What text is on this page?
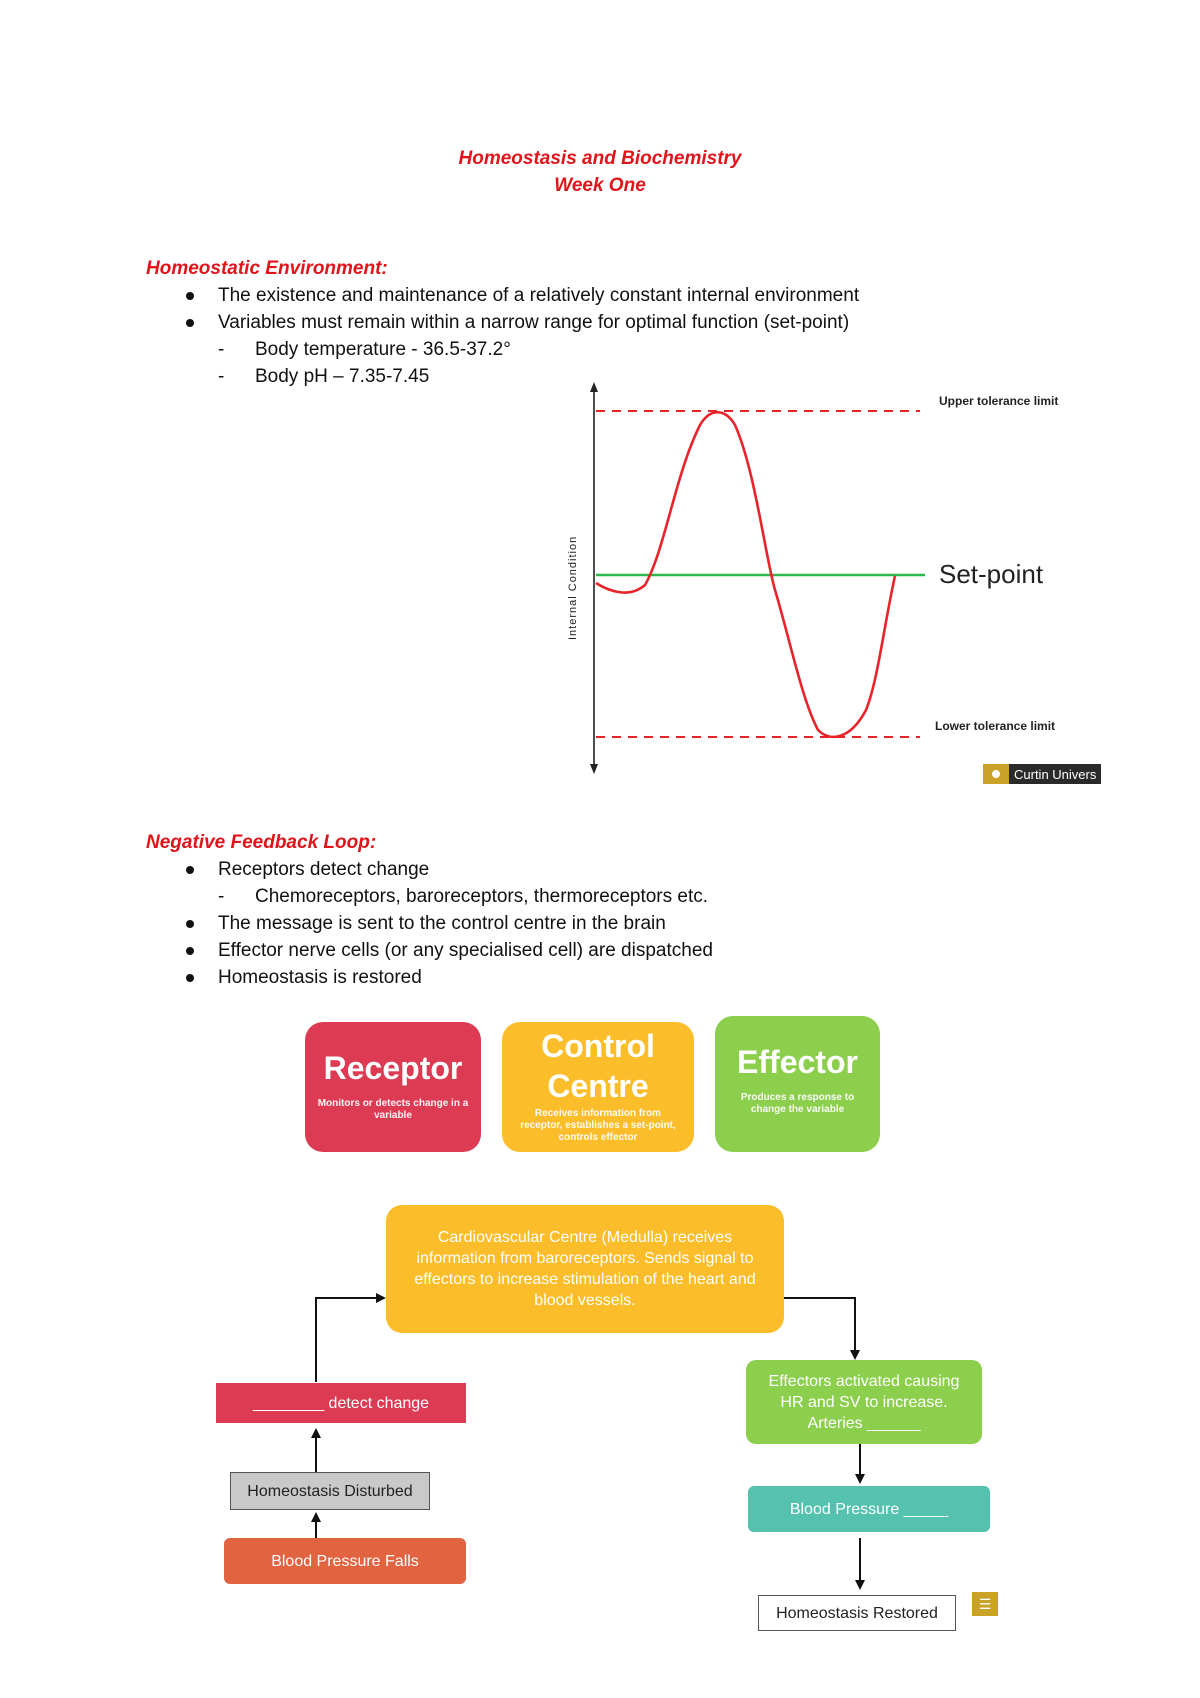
Homeostasis and Biochemistry
Week One
Homeostatic Environment:
The existence and maintenance of a relatively constant internal environment
Variables must remain within a narrow range for optimal function (set-point)
- Body temperature - 36.5-37.2°
- Body pH – 7.35-7.45
Internal Condition
Upper tolerance limit
Set-point
Lower tolerance limit
Curtin Univers
Negative Feedback Loop:
Receptors detect change
- Chemoreceptors, baroreceptors, thermoreceptors etc.
The message is sent to the control centre in the brain
Effector nerve cells (or any specialised cell) are dispatched
Homeostasis is restored
Receptor
Monitors or detects change in a variable
Control
Centre
Receives information from receptor, establishes a set-point, controls effector
Effector
Produces a response to change the variable
Cardiovascular Centre (Medulla) receives information from baroreceptors. Sends signal to effectors to increase stimulation of the heart and blood vessels.
________ detect change
Homeostasis Disturbed
Blood Pressure Falls
Effectors activated causing HR and SV to increase. Arteries ______
Blood Pressure _____
Homeostasis Restored
☰
